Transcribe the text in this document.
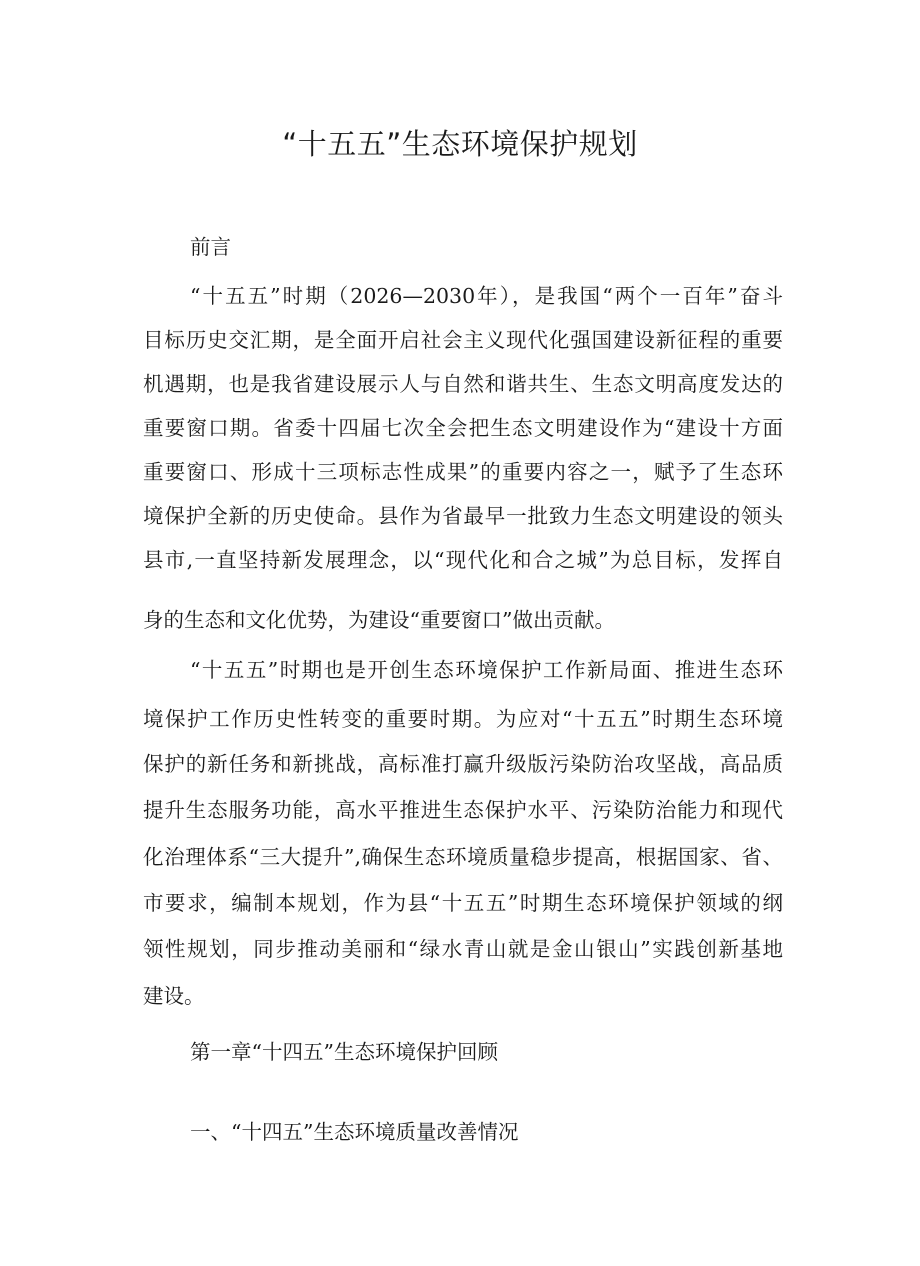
“十五五”生态环境保护规划
前言
“十五五”时期（2026—2030年），是我国“两个一百年”奋斗
目标历史交汇期，是全面开启社会主义现代化强国建设新征程的重要
机遇期，也是我省建设展示人与自然和谐共生、生态文明高度发达的
重要窗口期。省委十四届七次全会把生态文明建设作为“建设十方面
重要窗口、形成十三项标志性成果”的重要内容之一，赋予了生态环
境保护全新的历史使命。县作为省最早一批致力生态文明建设的领头
县市,一直坚持新发展理念，以“现代化和合之城”为总目标，发挥自
身的生态和文化优势，为建设“重要窗口”做出贡献。
“十五五”时期也是开创生态环境保护工作新局面、推进生态环
境保护工作历史性转变的重要时期。为应对“十五五”时期生态环境
保护的新任务和新挑战，高标准打赢升级版污染防治攻坚战，高品质
提升生态服务功能，高水平推进生态保护水平、污染防治能力和现代
化治理体系“三大提升”,确保生态环境质量稳步提高，根据国家、省、
市要求，编制本规划，作为县“十五五”时期生态环境保护领域的纲
领性规划，同步推动美丽和“绿水青山就是金山银山”实践创新基地
建设。
第一章“十四五”生态环境保护回顾
一、“十四五”生态环境质量改善情况
